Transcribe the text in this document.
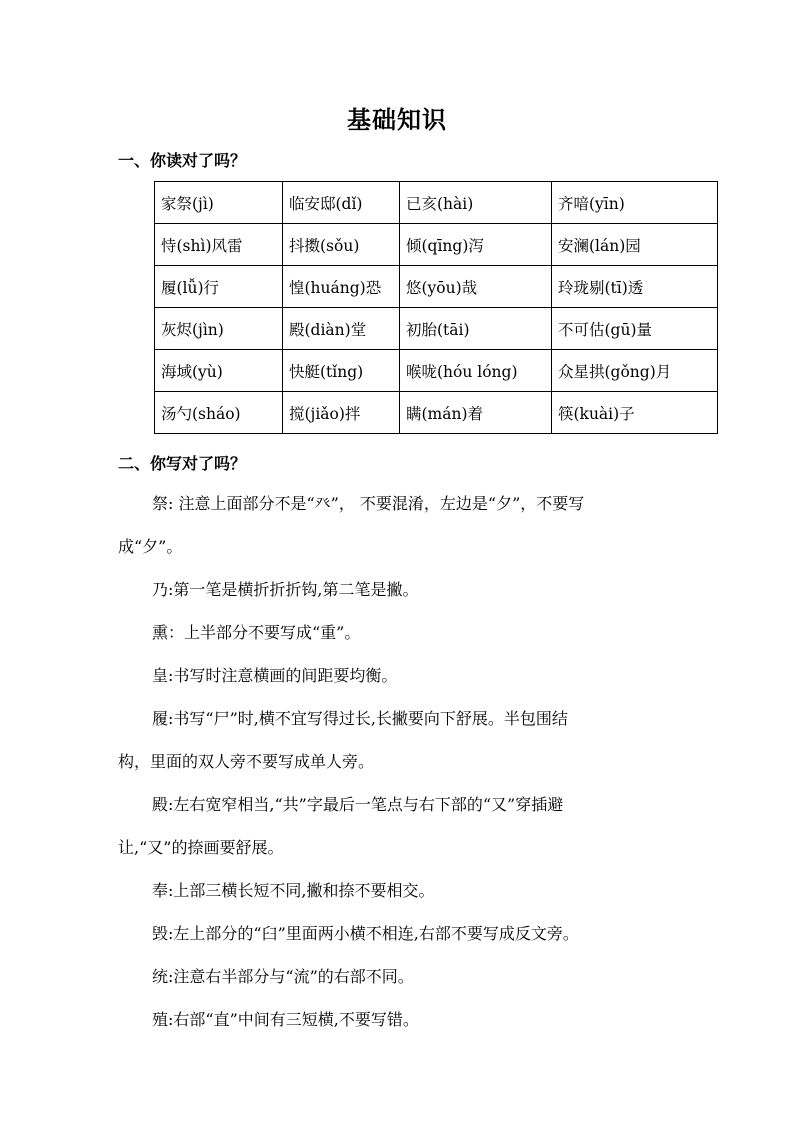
基础知识
一、你读对了吗？
家祭(jì)	临安邸(dǐ)	已亥(hài)	齐喑(yīn)
恃(shì)风雷	抖擞(sǒu)	倾(qīng)泻	安澜(lán)园
履(lǚ)行	惶(huáng)恐	悠(yōu)哉	玲珑剔(tī)透
灰烬(jìn)	殿(diàn)堂	初胎(tāi)	不可估(gū)量
海域(yù)	快艇(tǐng)	喉咙(hóu lóng)	众星拱(gǒng)月
汤勺(sháo)	搅(jiǎo)拌	瞒(mán)着	筷(kuài)子
二、你写对了吗？
祭: 注意上面部分不是“癶”， 不要混淆，左边是“夕”，不要写
成“夕”。
乃:第一笔是横折折折钩,第二笔是撇。
熏：上半部分不要写成“重”。
皇:书写时注意横画的间距要均衡。
履:书写“尸”时,横不宜写得过长,长撇要向下舒展。半包围结
构，里面的双人旁不要写成单人旁。
殿:左右宽窄相当,“共”字最后一笔点与右下部的“又”穿插避
让,“又”的捺画要舒展。
奉:上部三横长短不同,撇和捺不要相交。
毁:左上部分的“臼”里面两小横不相连,右部不要写成反文旁。
统:注意右半部分与“流”的右部不同。
殖:右部“直”中间有三短横,不要写错。
